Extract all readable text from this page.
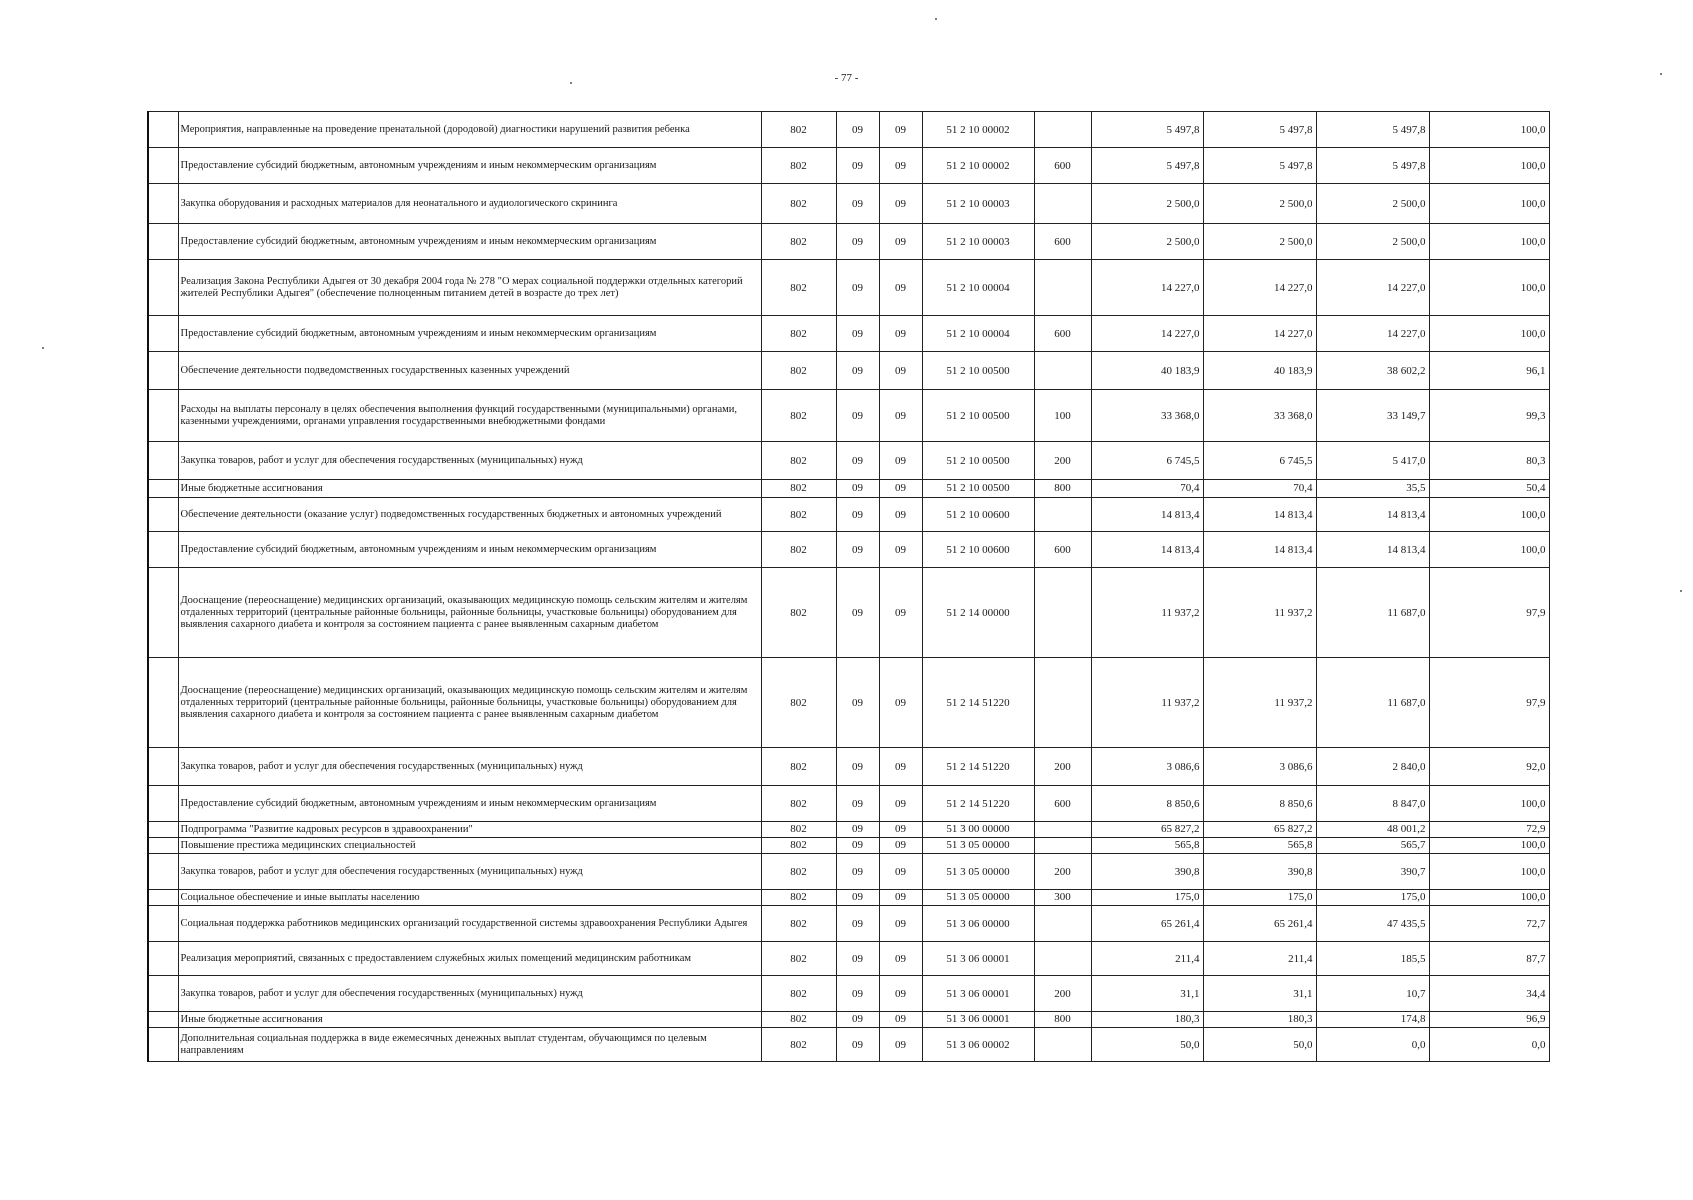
- 77 -
	Мероприятия, направленные на проведение пренатальной (дородовой) диагностики нарушений развития ребенка	802	09	09	51 2 10 00002		5 497,8	5 497,8	5 497,8	100,0
	Предоставление субсидий бюджетным, автономным учреждениям и иным некоммерческим организациям	802	09	09	51 2 10 00002	600	5 497,8	5 497,8	5 497,8	100,0
	Закупка оборудования и расходных материалов для неонатального и аудиологического скрининга	802	09	09	51 2 10 00003		2 500,0	2 500,0	2 500,0	100,0
	Предоставление субсидий бюджетным, автономным учреждениям и иным некоммерческим организациям	802	09	09	51 2 10 00003	600	2 500,0	2 500,0	2 500,0	100,0
	Реализация Закона Республики Адыгея от 30 декабря 2004 года № 278 "О мерах социальной поддержки отдельных категорий жителей Республики Адыгея" (обеспечение полноценным питанием детей в возрасте до трех лет)	802	09	09	51 2 10 00004		14 227,0	14 227,0	14 227,0	100,0
	Предоставление субсидий бюджетным, автономным учреждениям и иным некоммерческим организациям	802	09	09	51 2 10 00004	600	14 227,0	14 227,0	14 227,0	100,0
	Обеспечение деятельности подведомственных государственных казенных учреждений	802	09	09	51 2 10 00500		40 183,9	40 183,9	38 602,2	96,1
	Расходы на выплаты персоналу в целях обеспечения выполнения функций государственными (муниципальными) органами, казенными учреждениями, органами управления государственными внебюджетными фондами	802	09	09	51 2 10 00500	100	33 368,0	33 368,0	33 149,7	99,3
	Закупка товаров, работ и услуг для обеспечения государственных (муниципальных) нужд	802	09	09	51 2 10 00500	200	6 745,5	6 745,5	5 417,0	80,3
	Иные бюджетные ассигнования	802	09	09	51 2 10 00500	800	70,4	70,4	35,5	50,4
	Обеспечение деятельности (оказание услуг) подведомственных государственных бюджетных и автономных учреждений	802	09	09	51 2 10 00600		14 813,4	14 813,4	14 813,4	100,0
	Предоставление субсидий бюджетным, автономным учреждениям и иным некоммерческим организациям	802	09	09	51 2 10 00600	600	14 813,4	14 813,4	14 813,4	100,0
	Дооснащение (переоснащение) медицинских организаций, оказывающих медицинскую помощь сельским жителям и жителям отдаленных территорий (центральные районные больницы, районные больницы, участковые больницы) оборудованием для выявления сахарного диабета и контроля за состоянием пациента с ранее выявленным сахарным диабетом	802	09	09	51 2 14 00000		11 937,2	11 937,2	11 687,0	97,9
	Дооснащение (переоснащение) медицинских организаций, оказывающих медицинскую помощь сельским жителям и жителям отдаленных территорий (центральные районные больницы, районные больницы, участковые больницы) оборудованием для выявления сахарного диабета и контроля за состоянием пациента с ранее выявленным сахарным диабетом	802	09	09	51 2 14 51220		11 937,2	11 937,2	11 687,0	97,9
	Закупка товаров, работ и услуг для обеспечения государственных (муниципальных) нужд	802	09	09	51 2 14 51220	200	3 086,6	3 086,6	2 840,0	92,0
	Предоставление субсидий бюджетным, автономным учреждениям и иным некоммерческим организациям	802	09	09	51 2 14 51220	600	8 850,6	8 850,6	8 847,0	100,0
	Подпрограмма "Развитие кадровых ресурсов в здравоохранении"	802	09	09	51 3 00 00000		65 827,2	65 827,2	48 001,2	72,9
	Повышение престижа медицинских специальностей	802	09	09	51 3 05 00000		565,8	565,8	565,7	100,0
	Закупка товаров, работ и услуг для обеспечения государственных (муниципальных) нужд	802	09	09	51 3 05 00000	200	390,8	390,8	390,7	100,0
	Социальное обеспечение и иные выплаты населению	802	09	09	51 3 05 00000	300	175,0	175,0	175,0	100,0
	Социальная поддержка работников медицинских организаций государственной системы здравоохранения Республики Адыгея	802	09	09	51 3 06 00000		65 261,4	65 261,4	47 435,5	72,7
	Реализация мероприятий, связанных с предоставлением служебных жилых помещений медицинским работникам	802	09	09	51 3 06 00001		211,4	211,4	185,5	87,7
	Закупка товаров, работ и услуг для обеспечения государственных (муниципальных) нужд	802	09	09	51 3 06 00001	200	31,1	31,1	10,7	34,4
	Иные бюджетные ассигнования	802	09	09	51 3 06 00001	800	180,3	180,3	174,8	96,9
	Дополнительная социальная поддержка в виде ежемесячных денежных выплат студентам, обучающимся по целевым направлениям	802	09	09	51 3 06 00002		50,0	50,0	0,0	0,0
